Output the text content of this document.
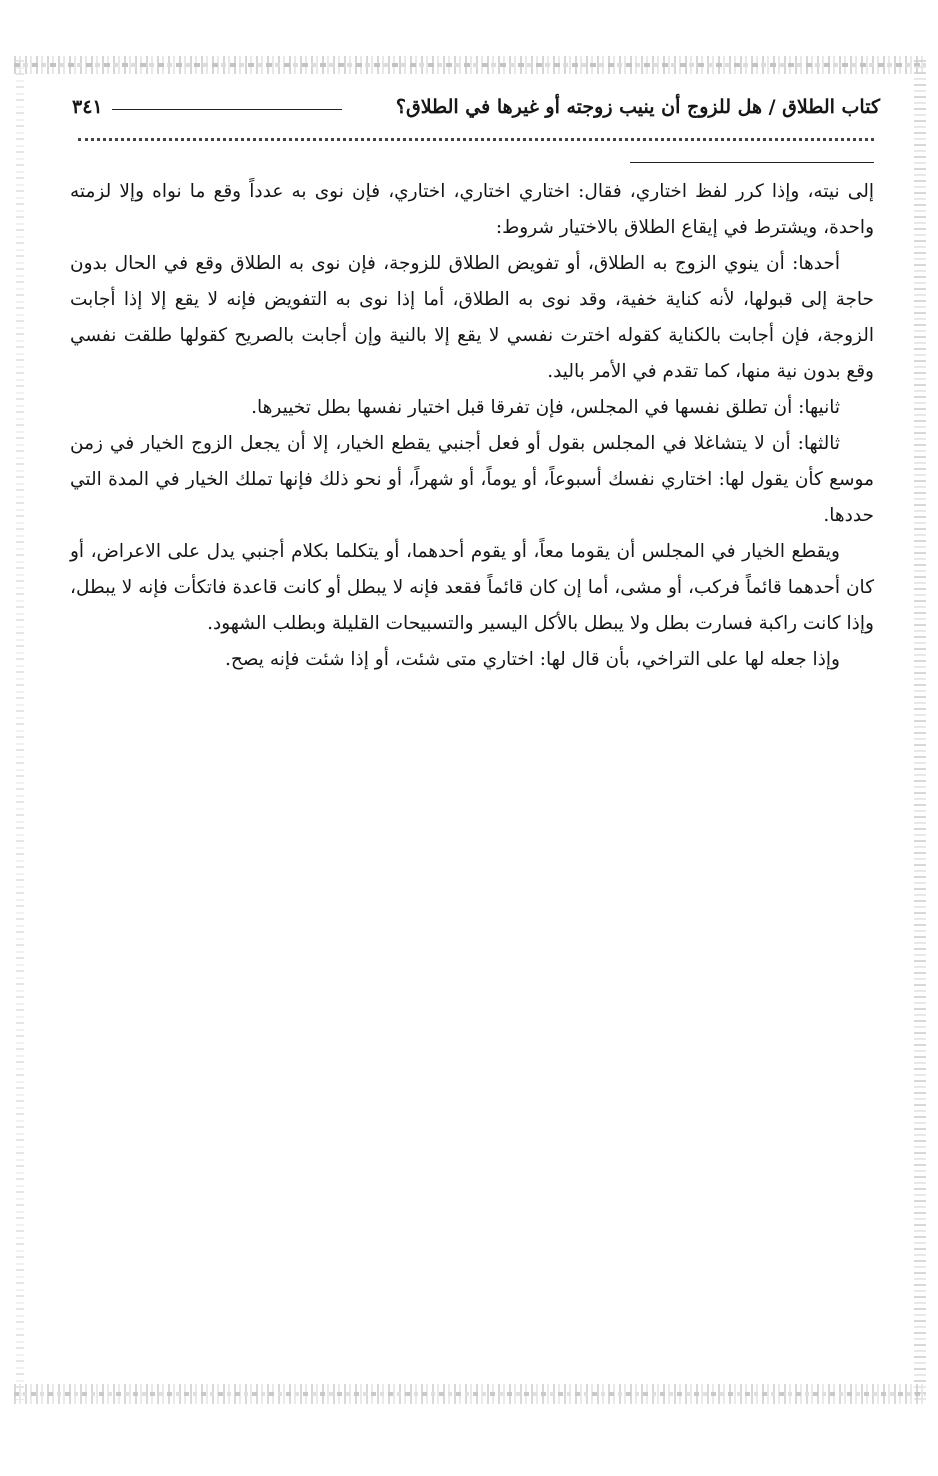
كتاب الطلاق / هل للزوج أن ينيب زوجته أو غيرها في الطلاق؟
٣٤١

إلى نيته، وإذا كرر لفظ اختاري، فقال: اختاري اختاري، اختاري، فإن نوى به عدداً وقع ما نواه وإلا لزمته واحدة، ويشترط في إيقاع الطلاق بالاختيار شروط:

أحدها: أن ينوي الزوج به الطلاق، أو تفويض الطلاق للزوجة، فإن نوى به الطلاق وقع في الحال بدون حاجة إلى قبولها، لأنه كناية خفية، وقد نوى به الطلاق، أما إذا نوى به التفويض فإنه لا يقع إلا إذا أجابت الزوجة، فإن أجابت بالكناية كقوله اخترت نفسي لا يقع إلا بالنية وإن أجابت بالصريح كقولها طلقت نفسي وقع بدون نية منها، كما تقدم في الأمر باليد.

ثانيها: أن تطلق نفسها في المجلس، فإن تفرقا قبل اختيار نفسها بطل تخييرها.

ثالثها: أن لا يتشاغلا في المجلس بقول أو فعل أجنبي يقطع الخيار، إلا أن يجعل الزوج الخيار في زمن موسع كأن يقول لها: اختاري نفسك أسبوعاً، أو يوماً، أو شهراً، أو نحو ذلك فإنها تملك الخيار في المدة التي حددها.

ويقطع الخيار في المجلس أن يقوما معاً، أو يقوم أحدهما، أو يتكلما بكلام أجنبي يدل على الاعراض، أو كان أحدهما قائماً فركب، أو مشى، أما إن كان قائماً فقعد فإنه لا يبطل أو كانت قاعدة فاتكأت فإنه لا يبطل، وإذا كانت راكبة فسارت بطل ولا يبطل بالأكل اليسير والتسبيحات القليلة وبطلب الشهود.

وإذا جعله لها على التراخي، بأن قال لها: اختاري متى شئت، أو إذا شئت فإنه يصح.
